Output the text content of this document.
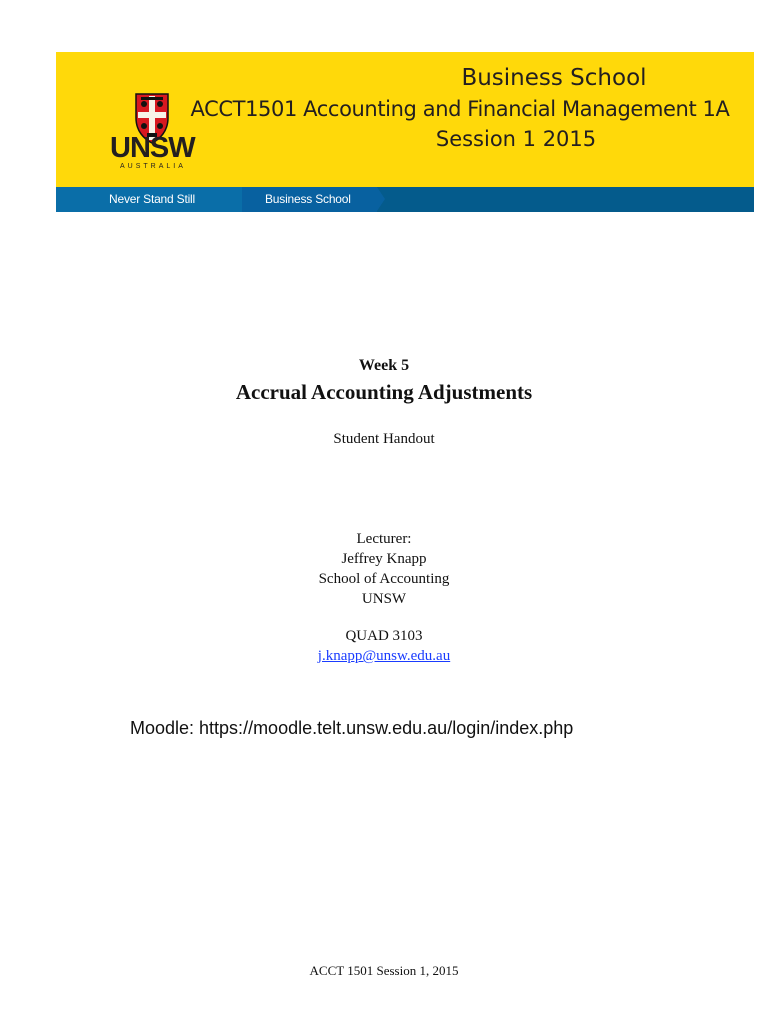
UNSW
AUSTRALIA
Business School
ACCT1501 Accounting and Financial Management 1A
Session 1 2015
Never Stand Still	Business School
Week 5
Accrual Accounting Adjustments
Student Handout
Lecturer:
Jeffrey Knapp
School of Accounting
UNSW
QUAD 3103
j.knapp@unsw.edu.au
Moodle: https://moodle.telt.unsw.edu.au/login/index.php
ACCT 1501 Session 1, 2015
